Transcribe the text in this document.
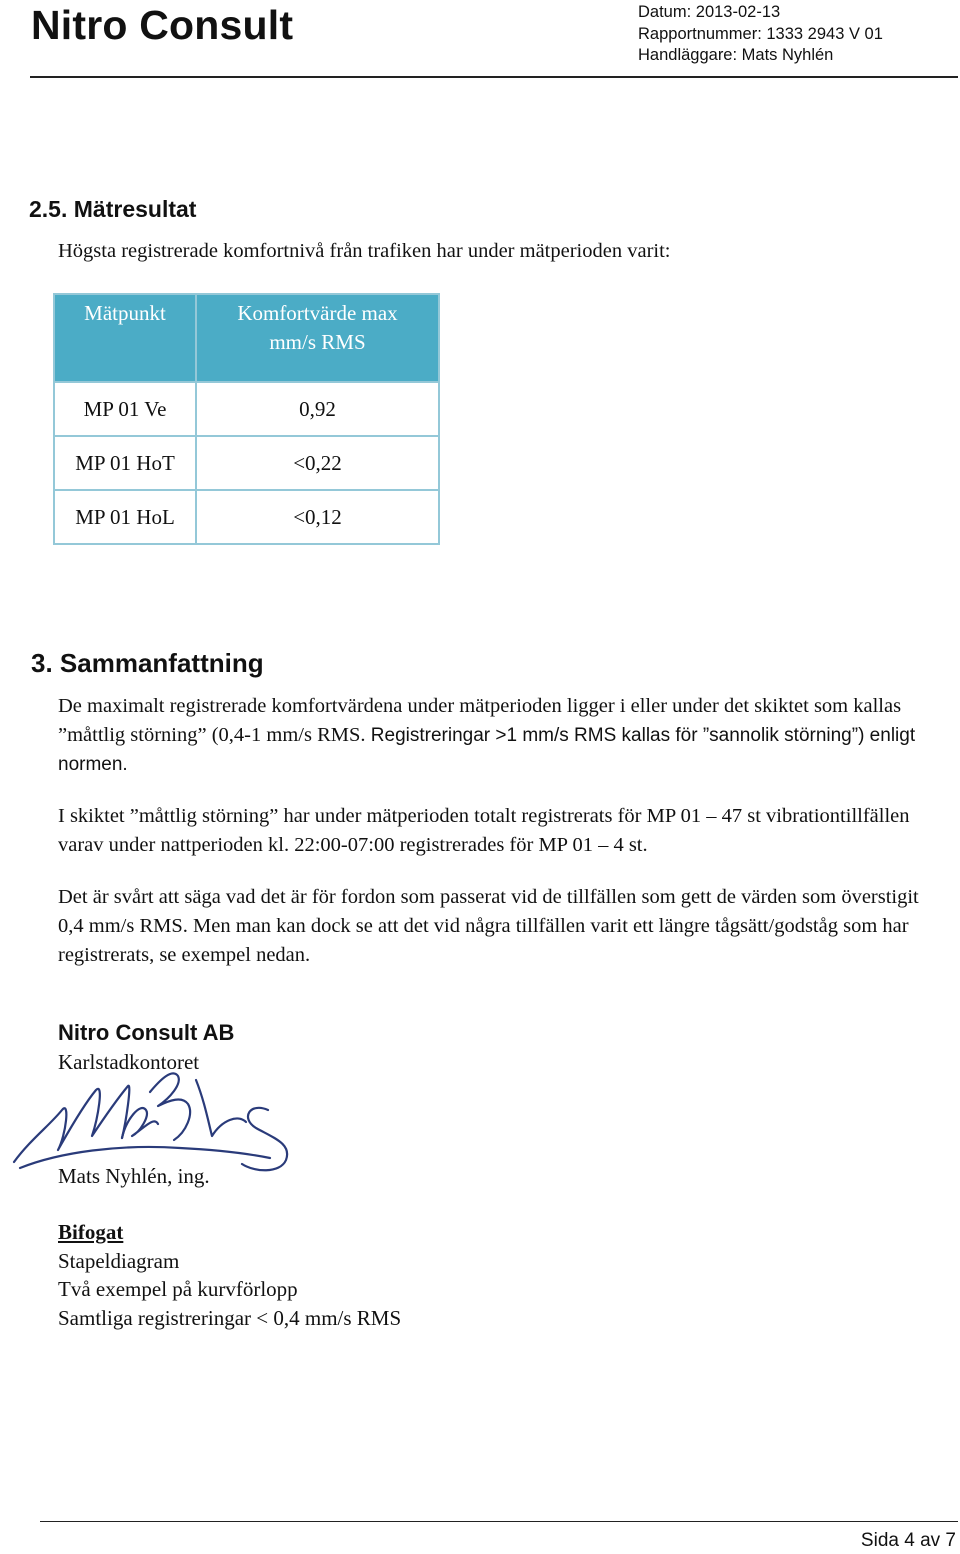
Nitro Consult	Datum: 2013-02-13
Rapportnummer: 1333 2943 V 01
Handläggare: Mats Nyhlén
2.5. Mätresultat
Högsta registrerade komfortnivå från trafiken har under mätperioden varit:
Mätpunkt	Komfortvärde max
mm/s RMS

MP 01 Ve	0,92
MP 01 HoT	<0,22
MP 01 HoL	<0,12
3. Sammanfattning
De maximalt registrerade komfortvärdena under mätperioden ligger i eller under det skiktet som kallas ”måttlig störning” (0,4-1 mm/s RMS. Registreringar >1 mm/s RMS kallas för ”sannolik störning”) enligt normen.
I skiktet ”måttlig störning” har under mätperioden totalt registrerats för MP 01 – 47 st vibrationtillfällen varav under nattperioden kl. 22:00-07:00 registrerades för MP 01 – 4 st.
Det är svårt att säga vad det är för fordon som passerat vid de tillfällen som gett de värden som överstigit 0,4 mm/s RMS. Men man kan dock se att det vid några tillfällen varit ett längre tågsätt/godståg som har registrerats, se exempel nedan.
Nitro Consult AB
Karlstadkontoret
Mats Nyhlén, ing.
Bifogat
Stapeldiagram
Två exempel på kurvförlopp
Samtliga registreringar < 0,4 mm/s RMS
Sida 4 av 7
